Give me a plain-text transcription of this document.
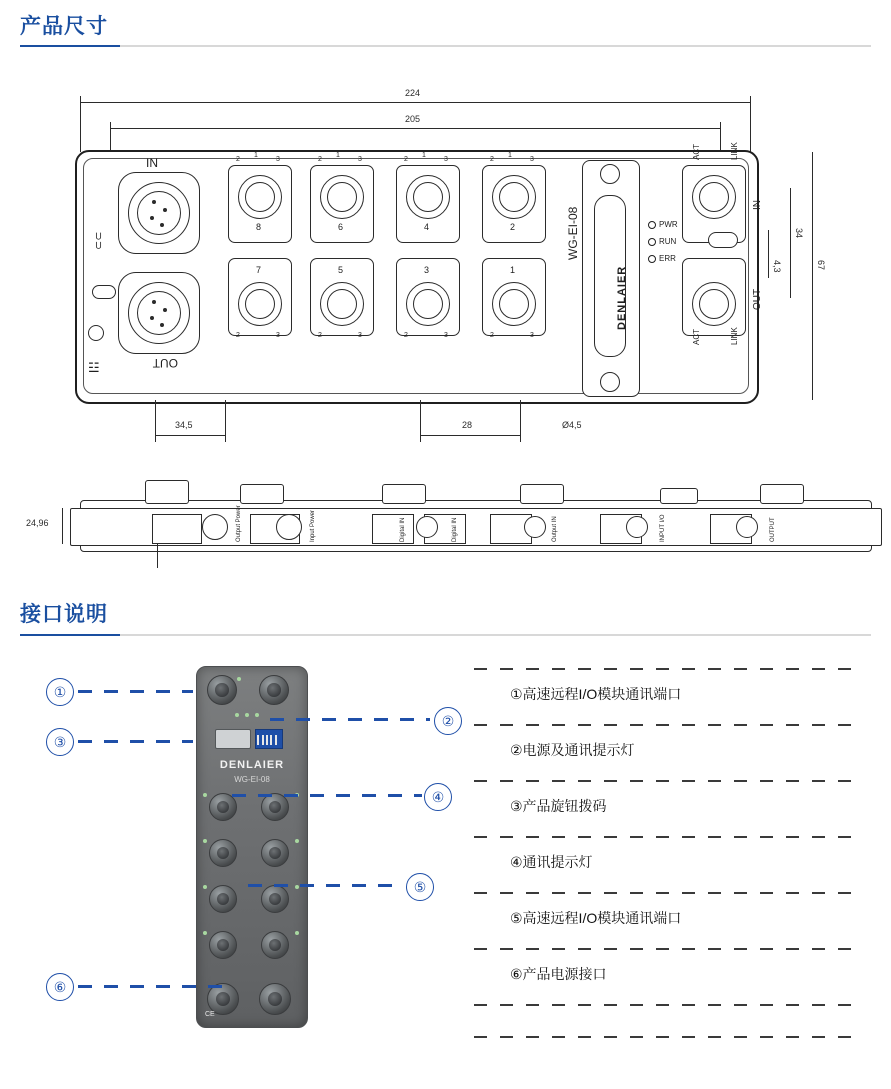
产品尺寸
224
205
⊂⊂
☳
IN
OUT
8
7
6
5
4
3
2
1
2
1
3	2
1
3	2
1
3	2
1
3
2	3	2	3	2	3	2	3
WG-EI-08
DENLAIER
PWR
RUN
ERR
ACT	LINK
IN
ACT	LINK
OUT
67
34
4,3
34,5	28	Ø4,5
24,96	Output Power	Input Power	Digital IN	Digital IN	Output IN	INPUT I/O	OUTPUT
接口说明
DENLAIER
WG-EI-08
CE
①
③
②
④
⑤
⑥
①高速远程I/O模块通讯端口
②电源及通讯提示灯
③产品旋钮拨码
④通讯提示灯
⑤高速远程I/O模块通讯端口
⑥产品电源接口
